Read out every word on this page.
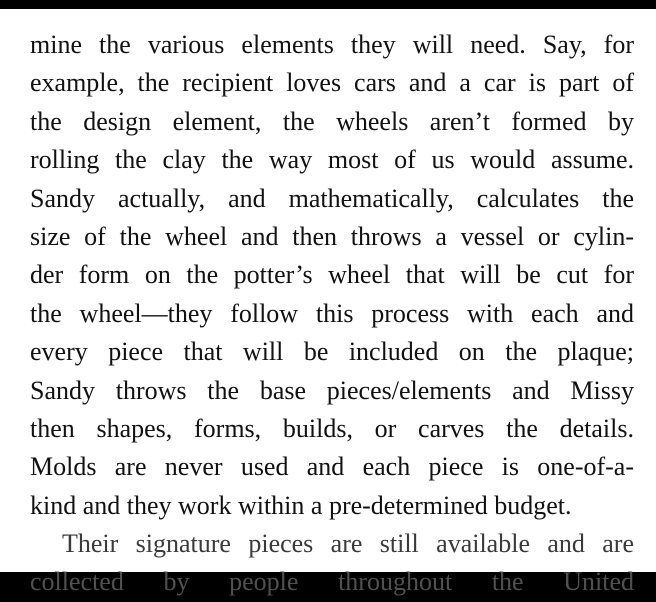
mine the various elements they will need. Say, for
example, the recipient loves cars and a car is part of
the design element, the wheels aren’t formed by
rolling the clay the way most of us would assume.
Sandy actually, and mathematically, calculates the
size of the wheel and then throws a vessel or cylin-
der form on the potter’s wheel that will be cut for
the wheel—they follow this process with each and
every piece that will be included on the plaque;
Sandy throws the base pieces/elements and Missy
then shapes, forms, builds, or carves the details.
Molds are never used and each piece is one-of-a-
kind and they work within a pre-determined budget.
Their signature pieces are still available and are
collected by people throughout the United
